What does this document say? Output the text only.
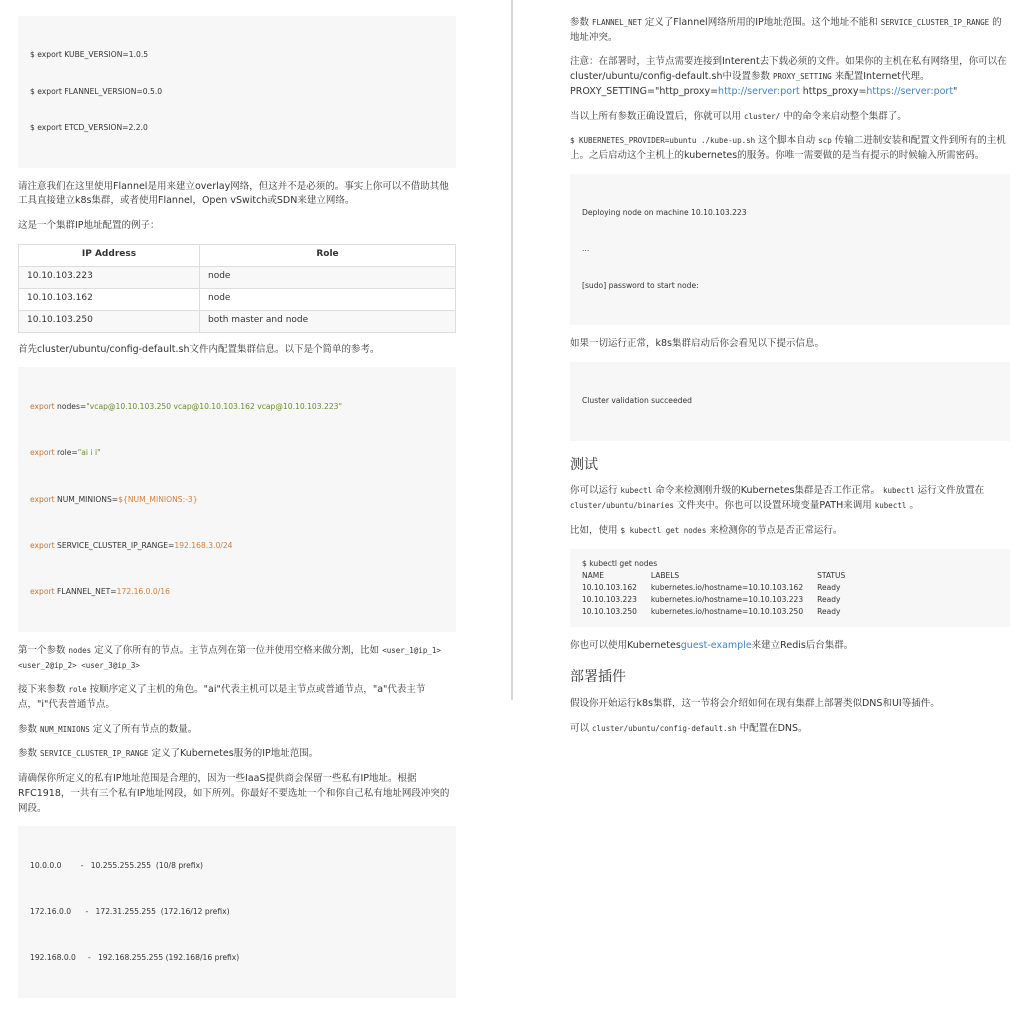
$ export KUBE_VERSION=1.0.5

$ export FLANNEL_VERSION=0.5.0

$ export ETCD_VERSION=2.2.0

请注意我们在这里使用Flannel是用来建立overlay网络，但这并不是必须的。事实上你可以不借助其他工具直接建立k8s集群，或者使用Flannel，Open vSwitch或SDN来建立网络。

这是一个集群IP地址配置的例子：

IP Address	Role
10.10.103.223	node
10.10.103.162	node
10.10.103.250	both master and node

首先cluster/ubuntu/config-default.sh文件内配置集群信息。以下是个简单的参考。

export nodes="vcap@10.10.103.250 vcap@10.10.103.162 vcap@10.10.103.223"

export role="ai i i"

export NUM_MINIONS=${NUM_MINIONS:-3}

export SERVICE_CLUSTER_IP_RANGE=192.168.3.0/24

export FLANNEL_NET=172.16.0.0/16

第一个参数 nodes 定义了你所有的节点。主节点列在第一位并使用空格来做分割，比如 <user_1@ip_1> <user_2@ip_2> <user_3@ip_3>

接下来参数 role 按顺序定义了主机的角色。"ai"代表主机可以是主节点或普通节点，"a"代表主节点，"i"代表普通节点。

参数 NUM_MINIONS 定义了所有节点的数量。

参数 SERVICE_CLUSTER_IP_RANGE 定义了Kubernetes服务的IP地址范围。

请确保你所定义的私有IP地址范围是合理的，因为一些IaaS提供商会保留一些私有IP地址。根据RFC1918，一共有三个私有IP地址网段，如下所列。你最好不要选址一个和你自己私有地址网段冲突的网段。

10.0.0.0        -   10.255.255.255  (10/8 prefix)

172.16.0.0      -   172.31.255.255  (172.16/12 prefix)

192.168.0.0     -   192.168.255.255 (192.168/16 prefix)

参数 FLANNEL_NET 定义了Flannel网络所用的IP地址范围。这个地址不能和 SERVICE_CLUSTER_IP_RANGE 的地址冲突。

注意：在部署时，主节点需要连接到Interent去下载必须的文件。如果你的主机在私有网络里，你可以在cluster/ubuntu/config-default.sh中设置参数 PROXY_SETTING 来配置Internet代理。PROXY_SETTING="http_proxy=http://server:port https_proxy=https://server:port"

当以上所有参数正确设置后，你就可以用 cluster/ 中的命令来启动整个集群了。

$ KUBERNETES_PROVIDER=ubuntu ./kube-up.sh 这个脚本自动 scp 传输二进制安装和配置文件到所有的主机上。之后启动这个主机上的kubernetes的服务。你唯一需要做的是当有提示的时候输入所需密码。

Deploying node on machine 10.10.103.223

...

[sudo] password to start node:

如果一切运行正常，k8s集群启动后你会看见以下提示信息。

Cluster validation succeeded

测试

你可以运行 kubectl 命令来检测刚升级的Kubernetes集群是否工作正常。 kubectl 运行文件放置在 cluster/ubuntu/binaries 文件夹中。你也可以设置环境变量PATH来调用 kubectl 。

比如，使用 $ kubectl get nodes 来检测你的节点是否正常运行。

$ kubectl get nodes
NAME	LABELS	STATUS
10.10.103.162	kubernetes.io/hostname=10.10.103.162	Ready
10.10.103.223	kubernetes.io/hostname=10.10.103.223	Ready
10.10.103.250	kubernetes.io/hostname=10.10.103.250	Ready

你也可以使用Kubernetesguest-example来建立Redis后台集群。

部署插件

假设你开始运行k8s集群，这一节将会介绍如何在现有集群上部署类似DNS和UI等插件。

可以 cluster/ubuntu/config-default.sh 中配置在DNS。
